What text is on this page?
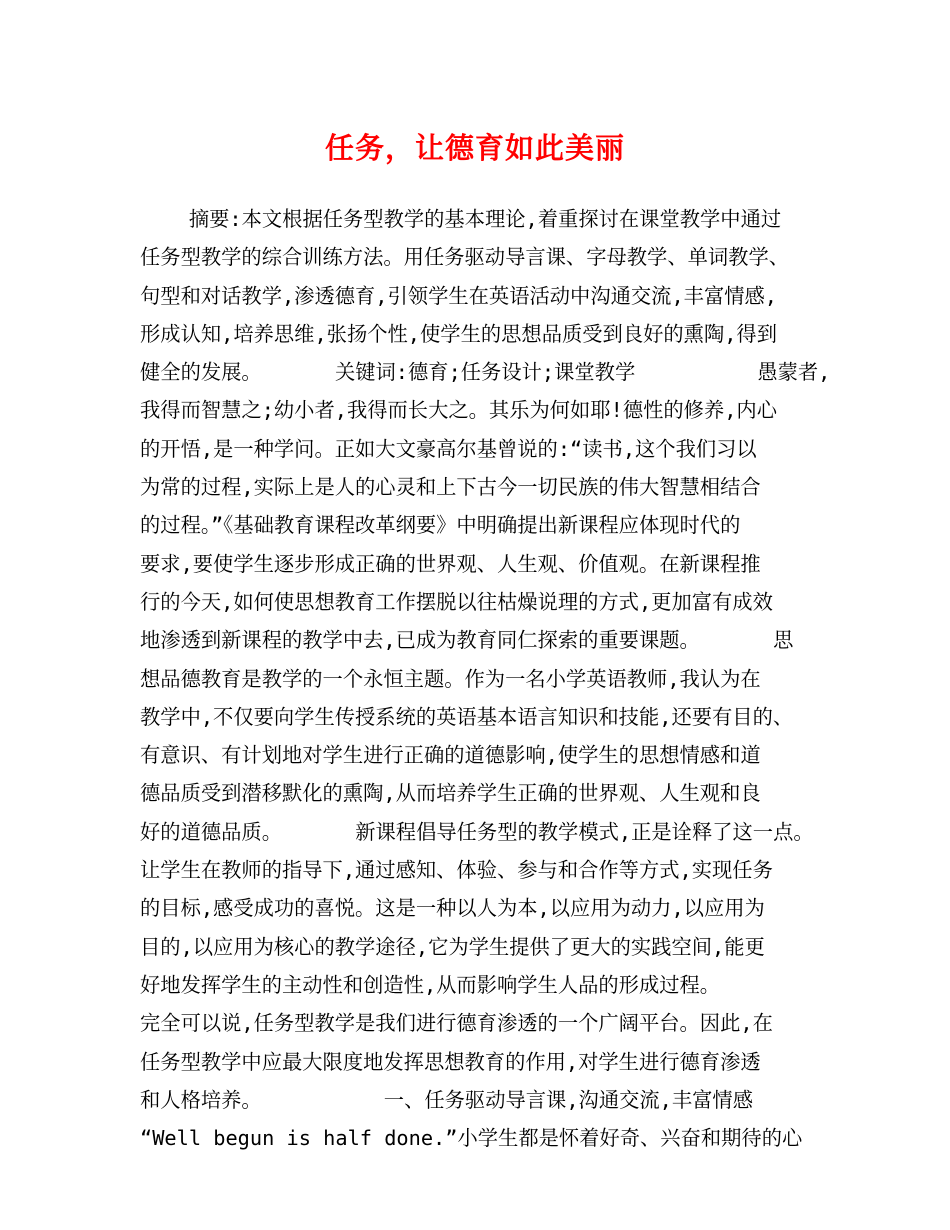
任务，让德育如此美丽
摘要:本文根据任务型教学的基本理论,着重探讨在课堂教学中通过
任务型教学的综合训练方法。用任务驱动导言课、字母教学、单词教学、
句型和对话教学,渗透德育,引领学生在英语活动中沟通交流,丰富情感,
形成认知,培养思维,张扬个性,使学生的思想品质受到良好的熏陶,得到
健全的发展。      关键词:德育;任务设计;课堂教学          愚蒙者,
我得而智慧之;幼小者,我得而长大之。其乐为何如耶!德性的修养,内心
的开悟,是一种学问。正如大文豪高尔基曾说的:“读书,这个我们习以
为常的过程,实际上是人的心灵和上下古今一切民族的伟大智慧相结合
的过程。”《基础教育课程改革纲要》中明确提出新课程应体现时代的
要求,要使学生逐步形成正确的世界观、人生观、价值观。在新课程推
行的今天,如何使思想教育工作摆脱以往枯燥说理的方式,更加富有成效
地渗透到新课程的教学中去,已成为教育同仁探索的重要课题。      思
想品德教育是教学的一个永恒主题。作为一名小学英语教师,我认为在
教学中,不仅要向学生传授系统的英语基本语言知识和技能,还要有目的、
有意识、有计划地对学生进行正确的道德影响,使学生的思想情感和道
德品质受到潜移默化的熏陶,从而培养学生正确的世界观、人生观和良
好的道德品质。      新课程倡导任务型的教学模式,正是诠释了这一点。
让学生在教师的指导下,通过感知、体验、参与和合作等方式,实现任务
的目标,感受成功的喜悦。这是一种以人为本,以应用为动力,以应用为
目的,以应用为核心的教学途径,它为学生提供了更大的实践空间,能更
好地发挥学生的主动性和创造性,从而影响学生人品的形成过程。
完全可以说,任务型教学是我们进行德育渗透的一个广阔平台。因此,在
任务型教学中应最大限度地发挥思想教育的作用,对学生进行德育渗透
和人格培养。          一、任务驱动导言课,沟通交流,丰富情感
“Well begun is half done.”小学生都是怀着好奇、兴奋和期待的心
